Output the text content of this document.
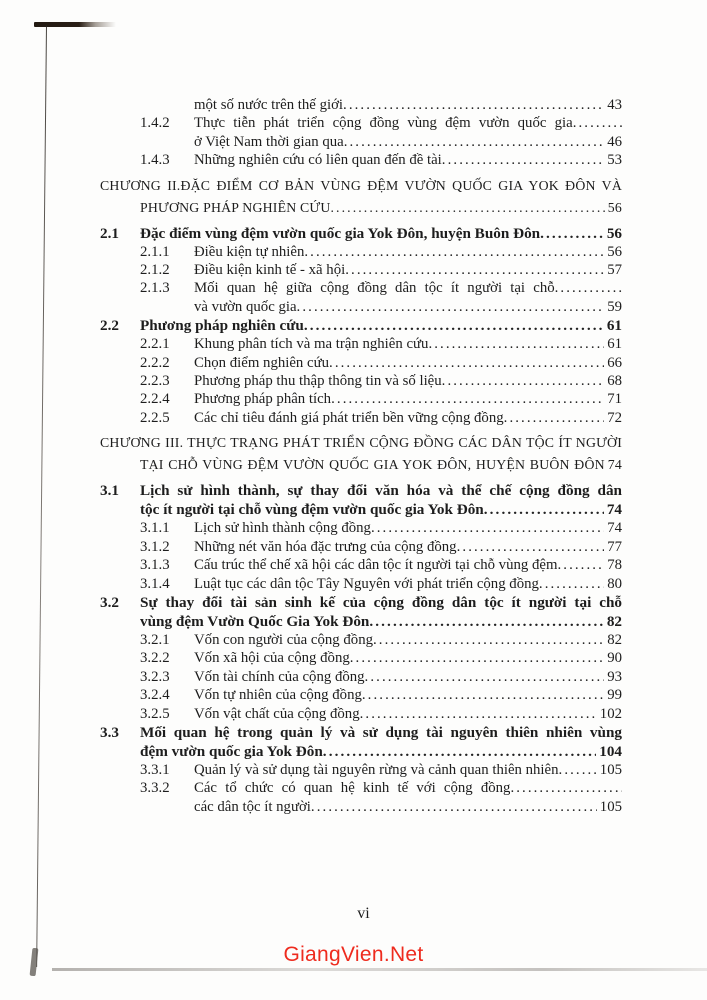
một số nước trên thế giới .....	43
1.4.2	Thực tiễn phát triển cộng đồng vùng đệm vườn quốc gia
.....
ở Việt Nam thời gian qua .....	46
1.4.3	Những nghiên cứu có liên quan đến đề tài .....	53
CHƯƠNG II.ĐẶC ĐIỂM CƠ BẢN VÙNG ĐỆM VƯỜN QUỐC GIA YOK ĐÔN VÀ
PHƯƠNG PHÁP NGHIÊN CỨU .....	56
2.1	Đặc điểm vùng đệm vườn quốc gia Yok Đôn, huyện Buôn Đôn .....	56
2.1.1	Điều kiện tự nhiên .....	56
2.1.2	Điều kiện kinh tế - xã hội .....	57
2.1.3	Mối quan hệ giữa cộng đồng dân tộc ít người tại chỗ
.....
và vườn quốc gia .....	59
2.2	Phương pháp nghiên cứu .....	61
2.2.1	Khung phân tích và ma trận nghiên cứu .....	61
2.2.2	Chọn điểm nghiên cứu .....	66
2.2.3	Phương pháp thu thập thông tin và số liệu .....	68
2.2.4	Phương pháp phân tích .....	71
2.2.5	Các chỉ tiêu đánh giá phát triển bền vững cộng đồng .....	72
CHƯƠNG III. THỰC TRẠNG PHÁT TRIỂN CỘNG ĐỒNG CÁC DÂN TỘC ÍT NGƯỜI
TẠI CHỖ VÙNG ĐỆM VƯỜN QUỐC GIA YOK ĐÔN, HUYỆN BUÔN ĐÔN 74
3.1	Lịch sử hình thành, sự thay đổi văn hóa và thể chế cộng đồng dân
tộc ít người tại chỗ vùng đệm vườn quốc gia Yok Đôn .....	74
3.1.1	Lịch sử hình thành cộng đồng .....	74
3.1.2	Những nét văn hóa đặc trưng của cộng đồng .....	77
3.1.3	Cấu trúc thể chế xã hội các dân tộc ít người tại chỗ vùng đệm .....	78
3.1.4	Luật tục các dân tộc Tây Nguyên với phát triển cộng đồng .....	80
3.2	Sự thay đổi tài sản sinh kế của cộng đồng dân tộc ít người tại chỗ
vùng đệm Vườn Quốc Gia Yok Đôn .....	82
3.2.1	Vốn con người của cộng đồng .....	82
3.2.2	Vốn xã hội của cộng đồng .....	90
3.2.3	Vốn tài chính của cộng đồng .....	93
3.2.4	Vốn tự nhiên của cộng đồng .....	99
3.2.5	Vốn vật chất của cộng đồng .....	102
3.3	Mối quan hệ trong quản lý và sử dụng tài nguyên thiên nhiên vùng
đệm vườn quốc gia Yok Đôn .....	104
3.3.1	Quản lý và sử dụng tài nguyên rừng và cảnh quan thiên nhiên .....	105
3.3.2	Các tổ chức có quan hệ kinh tế với cộng đồng
.....
các dân tộc ít người .....	105
vi
GiangVien.Net
